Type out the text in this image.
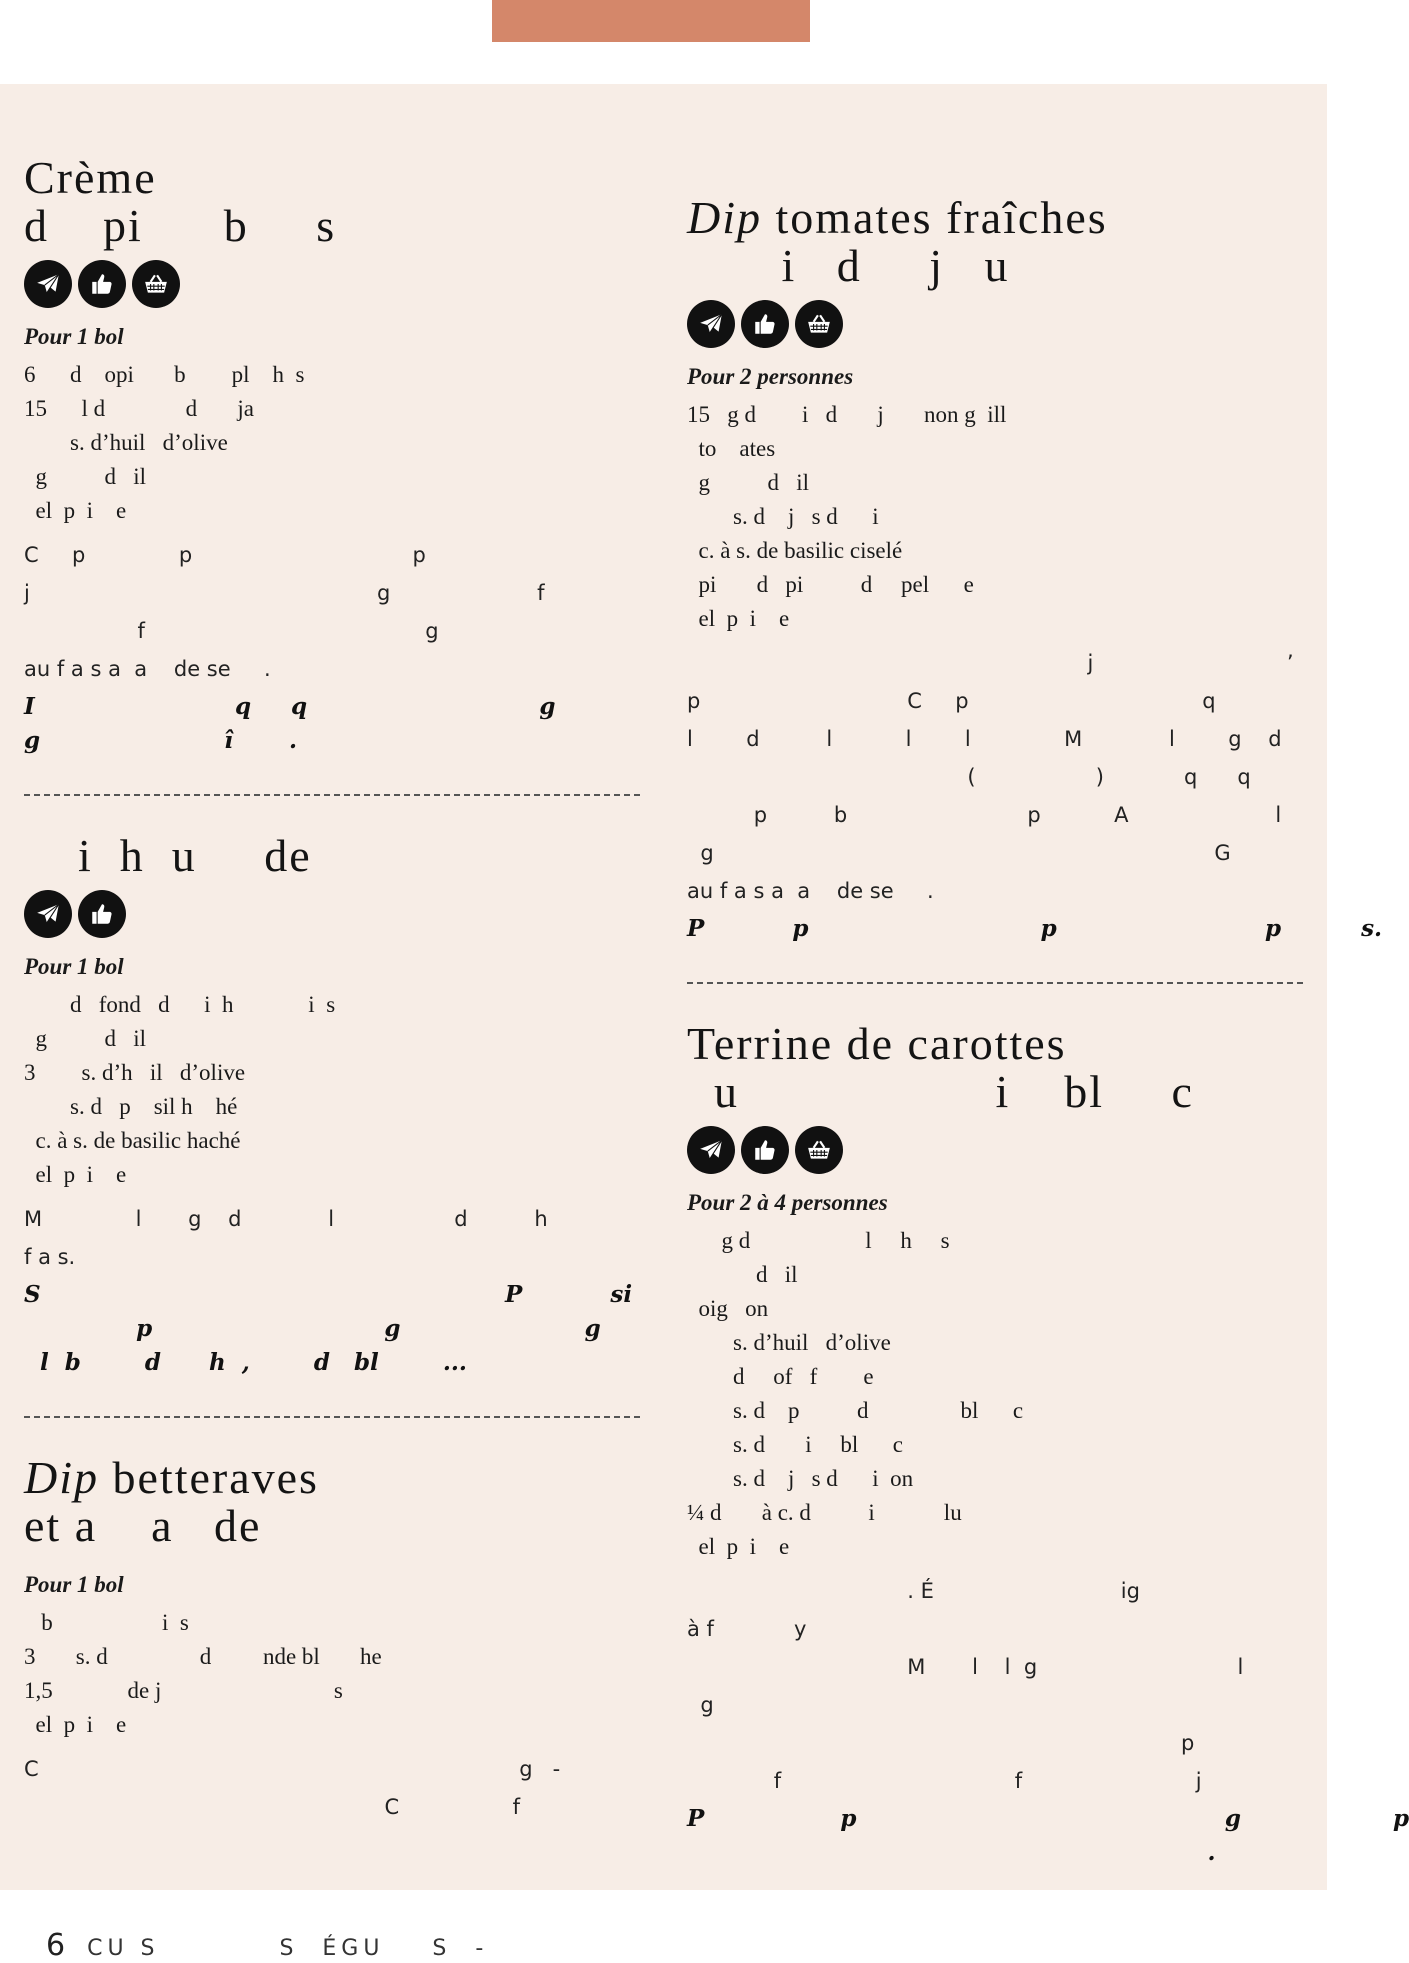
Crème
d    pi      b     s

Pour 1 bol

6      d    opi       b        pl    h  s
15      l d              d       ja
s. d’huil   d’olive
g          d   il
el  p  i    e

C     p              p                                 p

j                                                    g                      f

f                                          g

au f a s a  a    de se     .

I                         q     q                             g

g                       î       .

i  h  u     de

Pour 1 bol

d   fond   d      i  h             i  s
g          d   il
3        s. d’h   il   d’olive
s. d   p    sil h    hé
c. à s. de basilic haché
el  p  i    e

M              l       g    d             l                  d          h

f a s.

S                                                          P           si

p                             g                       g

l  b        d      h  ,        d   bl        ...

Dip betteraves
et a    a   de

Pour 1 bol

b                   i  s
3       s. d                d         nde bl       he
1,5             de j                              s
el  p  i    e

C                                                                        g   -

C                 f

Dip tomates fraîches
i   d     j   u

Pour 2 personnes

15   g d        i   d       j       non g  ill
to    ates
g          d   il
s. d    j   s d      i
c. à s. de basilic ciselé
pi       d   pi          d     pel      e
el  p  i    e

j                             ’

p                               C     p                                   q

l        d          l           l        l              M             l        g    d

(                  )            q      q

p          b                           p           A                      l

g                                                                           G

au f a s a  a    de se     .

P           p                             p                          p          s.

Terrine de carottes
u                   i    bl     c

Pour 2 à 4 personnes

g d                    l     h     s
d   il
oig   on
s. d’huil   d’olive
d     of   f        e
s. d    p          d                bl      c
s. d       i     bl      c
s. d    j   s d      i  on
¼ d       à c. d          i            lu
el  p  i    e

. É                            ig

à f            y

M       l    l  g                              l

g

p

f                                   f                          j

P                 p                                              g                   p

.

6 CU S          S  ÉGU    S  -
